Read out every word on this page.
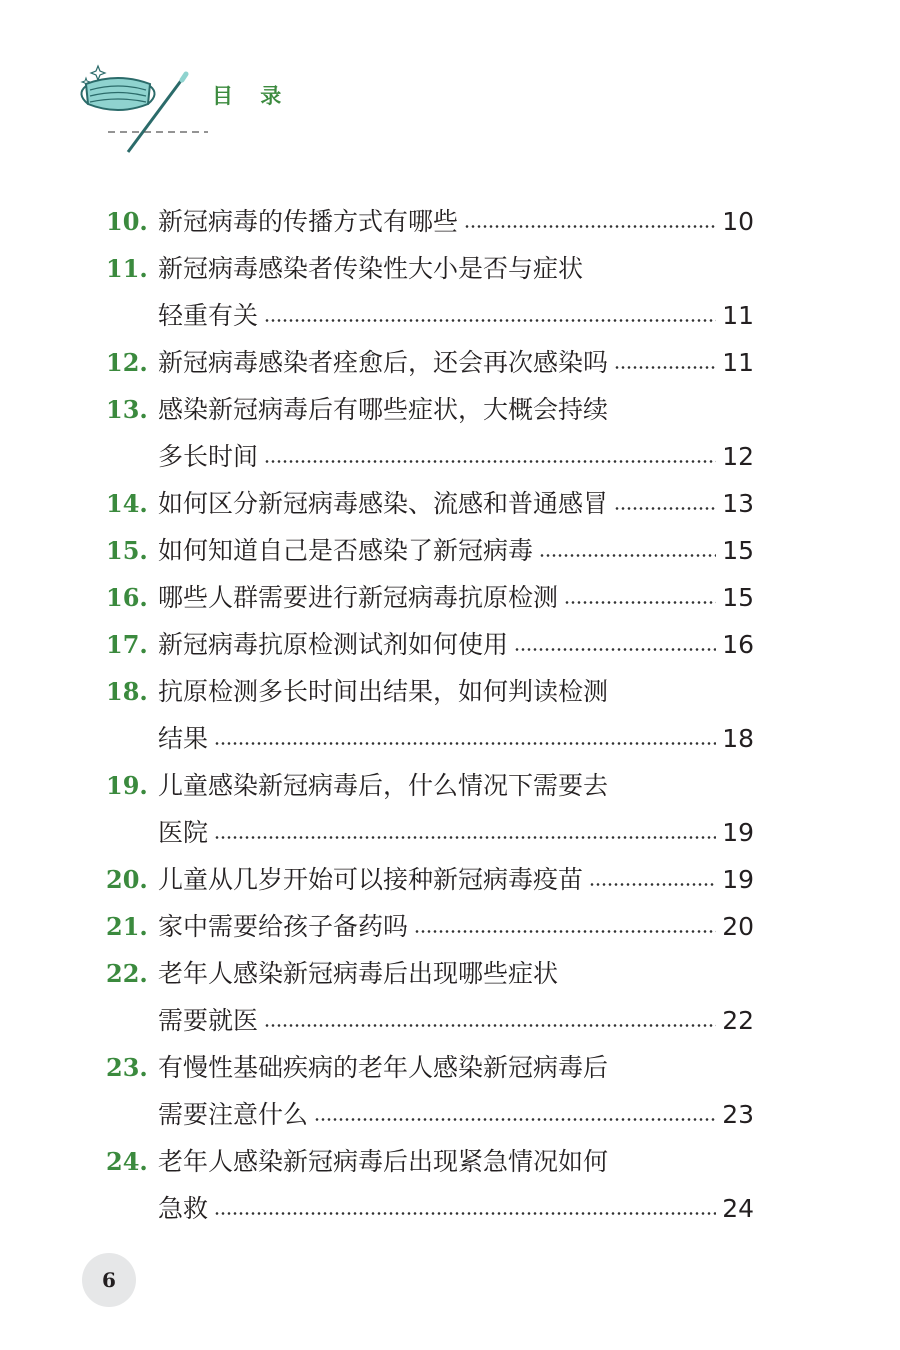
目 录
10. 新冠病毒的传播方式有哪些	10
11. 新冠病毒感染者传染性大小是否与症状
轻重有关	11
12. 新冠病毒感染者痊愈后，还会再次感染吗	11
13. 感染新冠病毒后有哪些症状，大概会持续
多长时间	12
14. 如何区分新冠病毒感染、流感和普通感冒	13
15. 如何知道自己是否感染了新冠病毒	15
16. 哪些人群需要进行新冠病毒抗原检测	15
17. 新冠病毒抗原检测试剂如何使用	16
18. 抗原检测多长时间出结果，如何判读检测
结果	18
19. 儿童感染新冠病毒后，什么情况下需要去
医院	19
20. 儿童从几岁开始可以接种新冠病毒疫苗	19
21. 家中需要给孩子备药吗	20
22. 老年人感染新冠病毒后出现哪些症状
需要就医	22
23. 有慢性基础疾病的老年人感染新冠病毒后
需要注意什么	23
24. 老年人感染新冠病毒后出现紧急情况如何
急救	24
6
